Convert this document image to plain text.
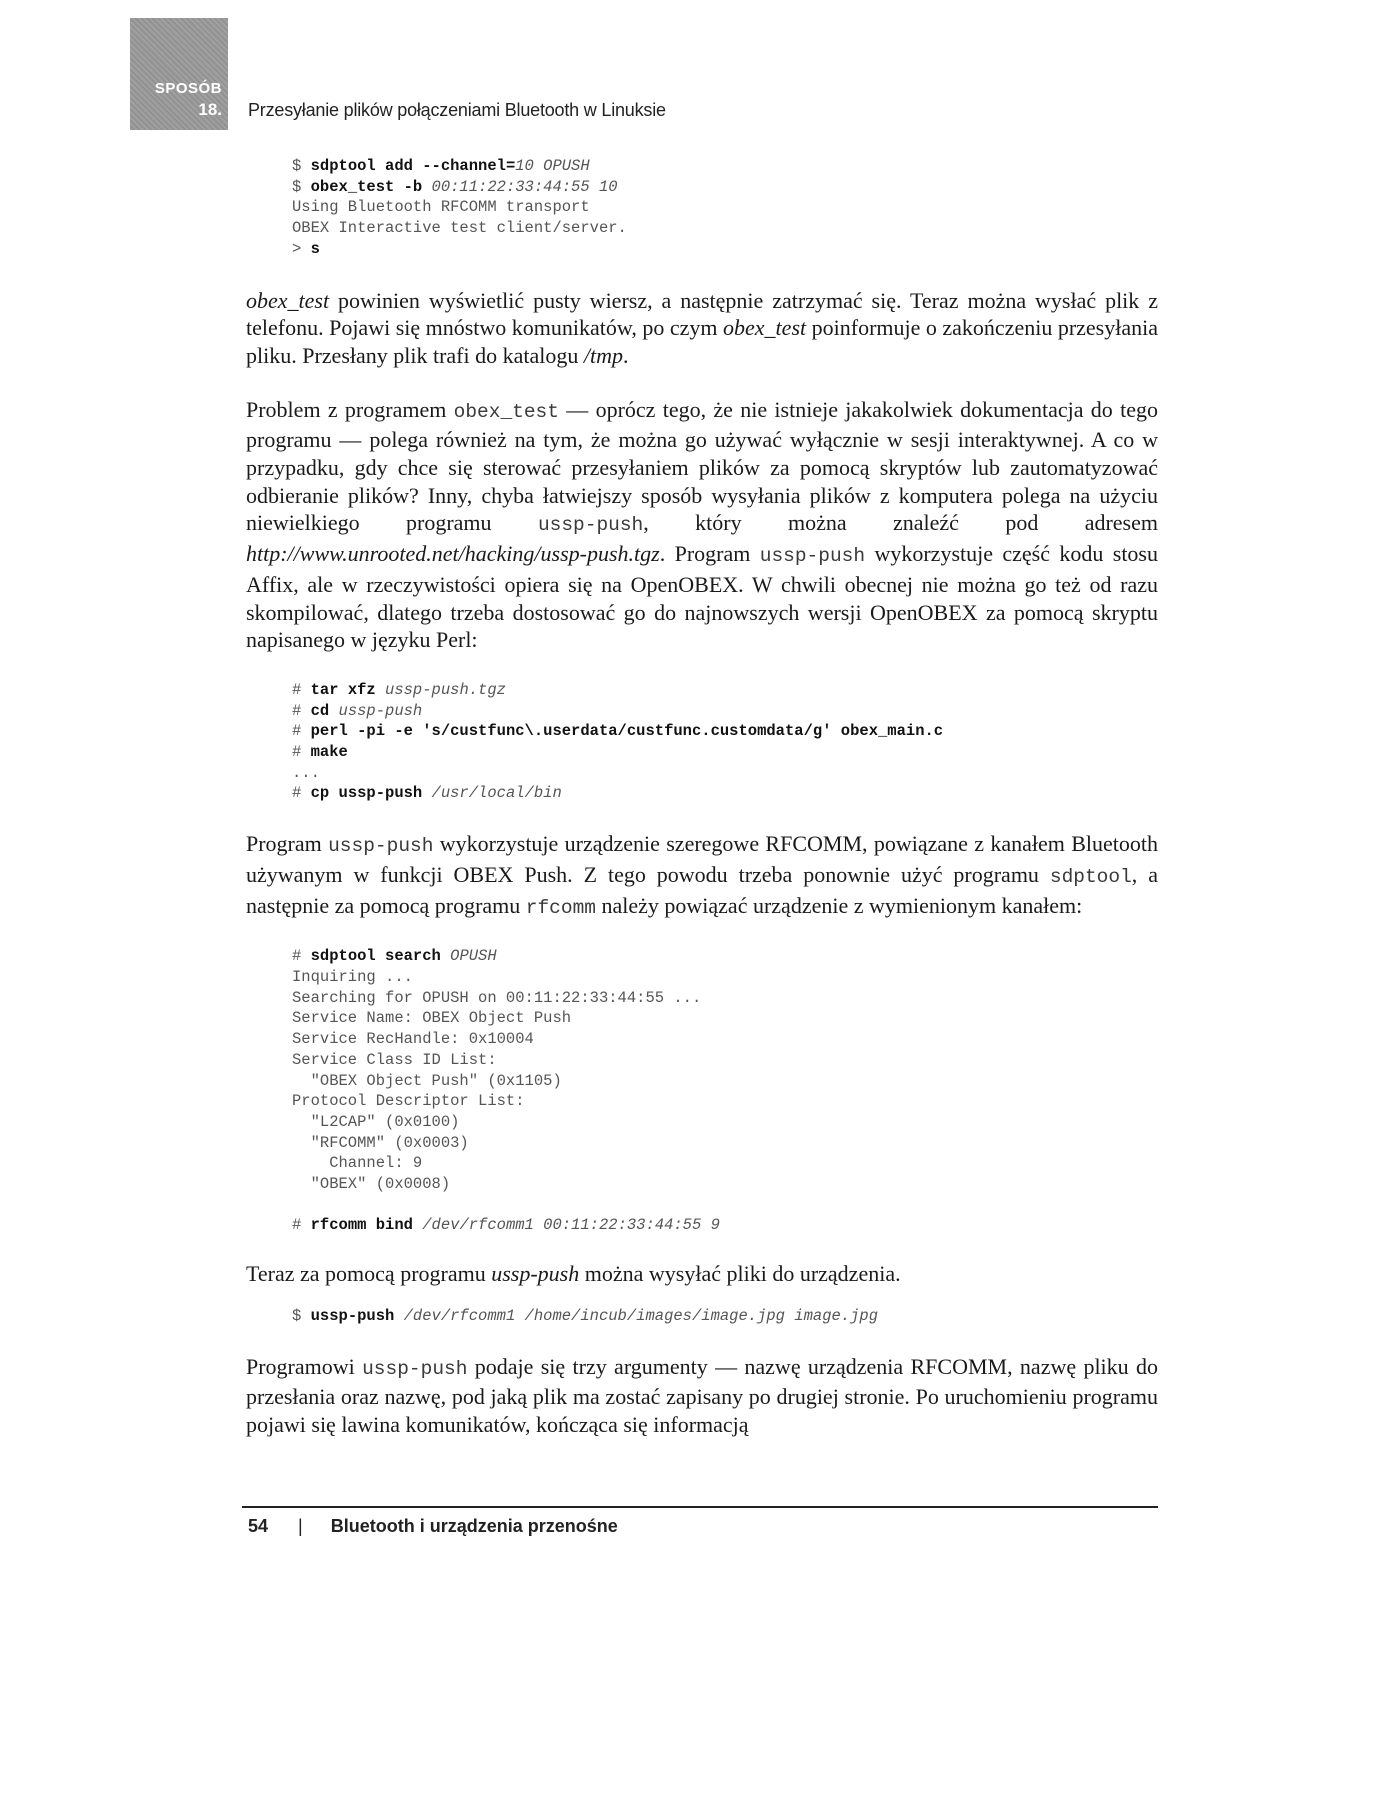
SPOSÓB
18. Przesyłanie plików połączeniami Bluetooth w Linuksie
$ sdptool add --channel=10 OPUSH
$ obex_test -b 00:11:22:33:44:55 10
Using Bluetooth RFCOMM transport
OBEX Interactive test client/server.
> s

obex_test powinien wyświetlić pusty wiersz, a następnie zatrzymać się. Teraz można wysłać plik z telefonu. Pojawi się mnóstwo komunikatów, po czym obex_test poinformuje o zakończeniu przesyłania pliku. Przesłany plik trafi do katalogu /tmp.

Problem z programem obex_test — oprócz tego, że nie istnieje jakakolwiek dokumentacja do tego programu — polega również na tym, że można go używać wyłącznie w sesji interaktywnej. A co w przypadku, gdy chce się sterować przesyłaniem plików za pomocą skryptów lub zautomatyzować odbieranie plików? Inny, chyba łatwiejszy sposób wysyłania plików z komputera polega na użyciu niewielkiego programu ussp-push, który można znaleźć pod adresem http://www.unrooted.net/hacking/ussp-push.tgz. Program ussp-push wykorzystuje część kodu stosu Affix, ale w rzeczywistości opiera się na OpenOBEX. W chwili obecnej nie można go też od razu skompilować, dlatego trzeba dostosować go do najnowszych wersji OpenOBEX za pomocą skryptu napisanego w języku Perl:

# tar xfz ussp-push.tgz
# cd ussp-push
# perl -pi -e 's/custfunc\.userdata/custfunc.customdata/g' obex_main.c
# make
...
# cp ussp-push /usr/local/bin

Program ussp-push wykorzystuje urządzenie szeregowe RFCOMM, powiązane z kanałem Bluetooth używanym w funkcji OBEX Push. Z tego powodu trzeba ponownie użyć programu sdptool, a następnie za pomocą programu rfcomm należy powiązać urządzenie z wymienionym kanałem:

# sdptool search OPUSH
Inquiring ...
Searching for OPUSH on 00:11:22:33:44:55 ...
Service Name: OBEX Object Push
Service RecHandle: 0x10004
Service Class ID List:
"OBEX Object Push" (0x1105)
Protocol Descriptor List:
"L2CAP" (0x0100)
"RFCOMM" (0x0003)
Channel: 9
"OBEX" (0x0008)

# rfcomm bind /dev/rfcomm1 00:11:22:33:44:55 9

Teraz za pomocą programu ussp-push można wysyłać pliki do urządzenia.

$ ussp-push /dev/rfcomm1 /home/incub/images/image.jpg image.jpg

Programowi ussp-push podaje się trzy argumenty — nazwę urządzenia RFCOMM, nazwę pliku do przesłania oraz nazwę, pod jaką plik ma zostać zapisany po drugiej stronie. Po uruchomieniu programu pojawi się lawina komunikatów, kończąca się informacją

54 | Bluetooth i urządzenia przenośne
